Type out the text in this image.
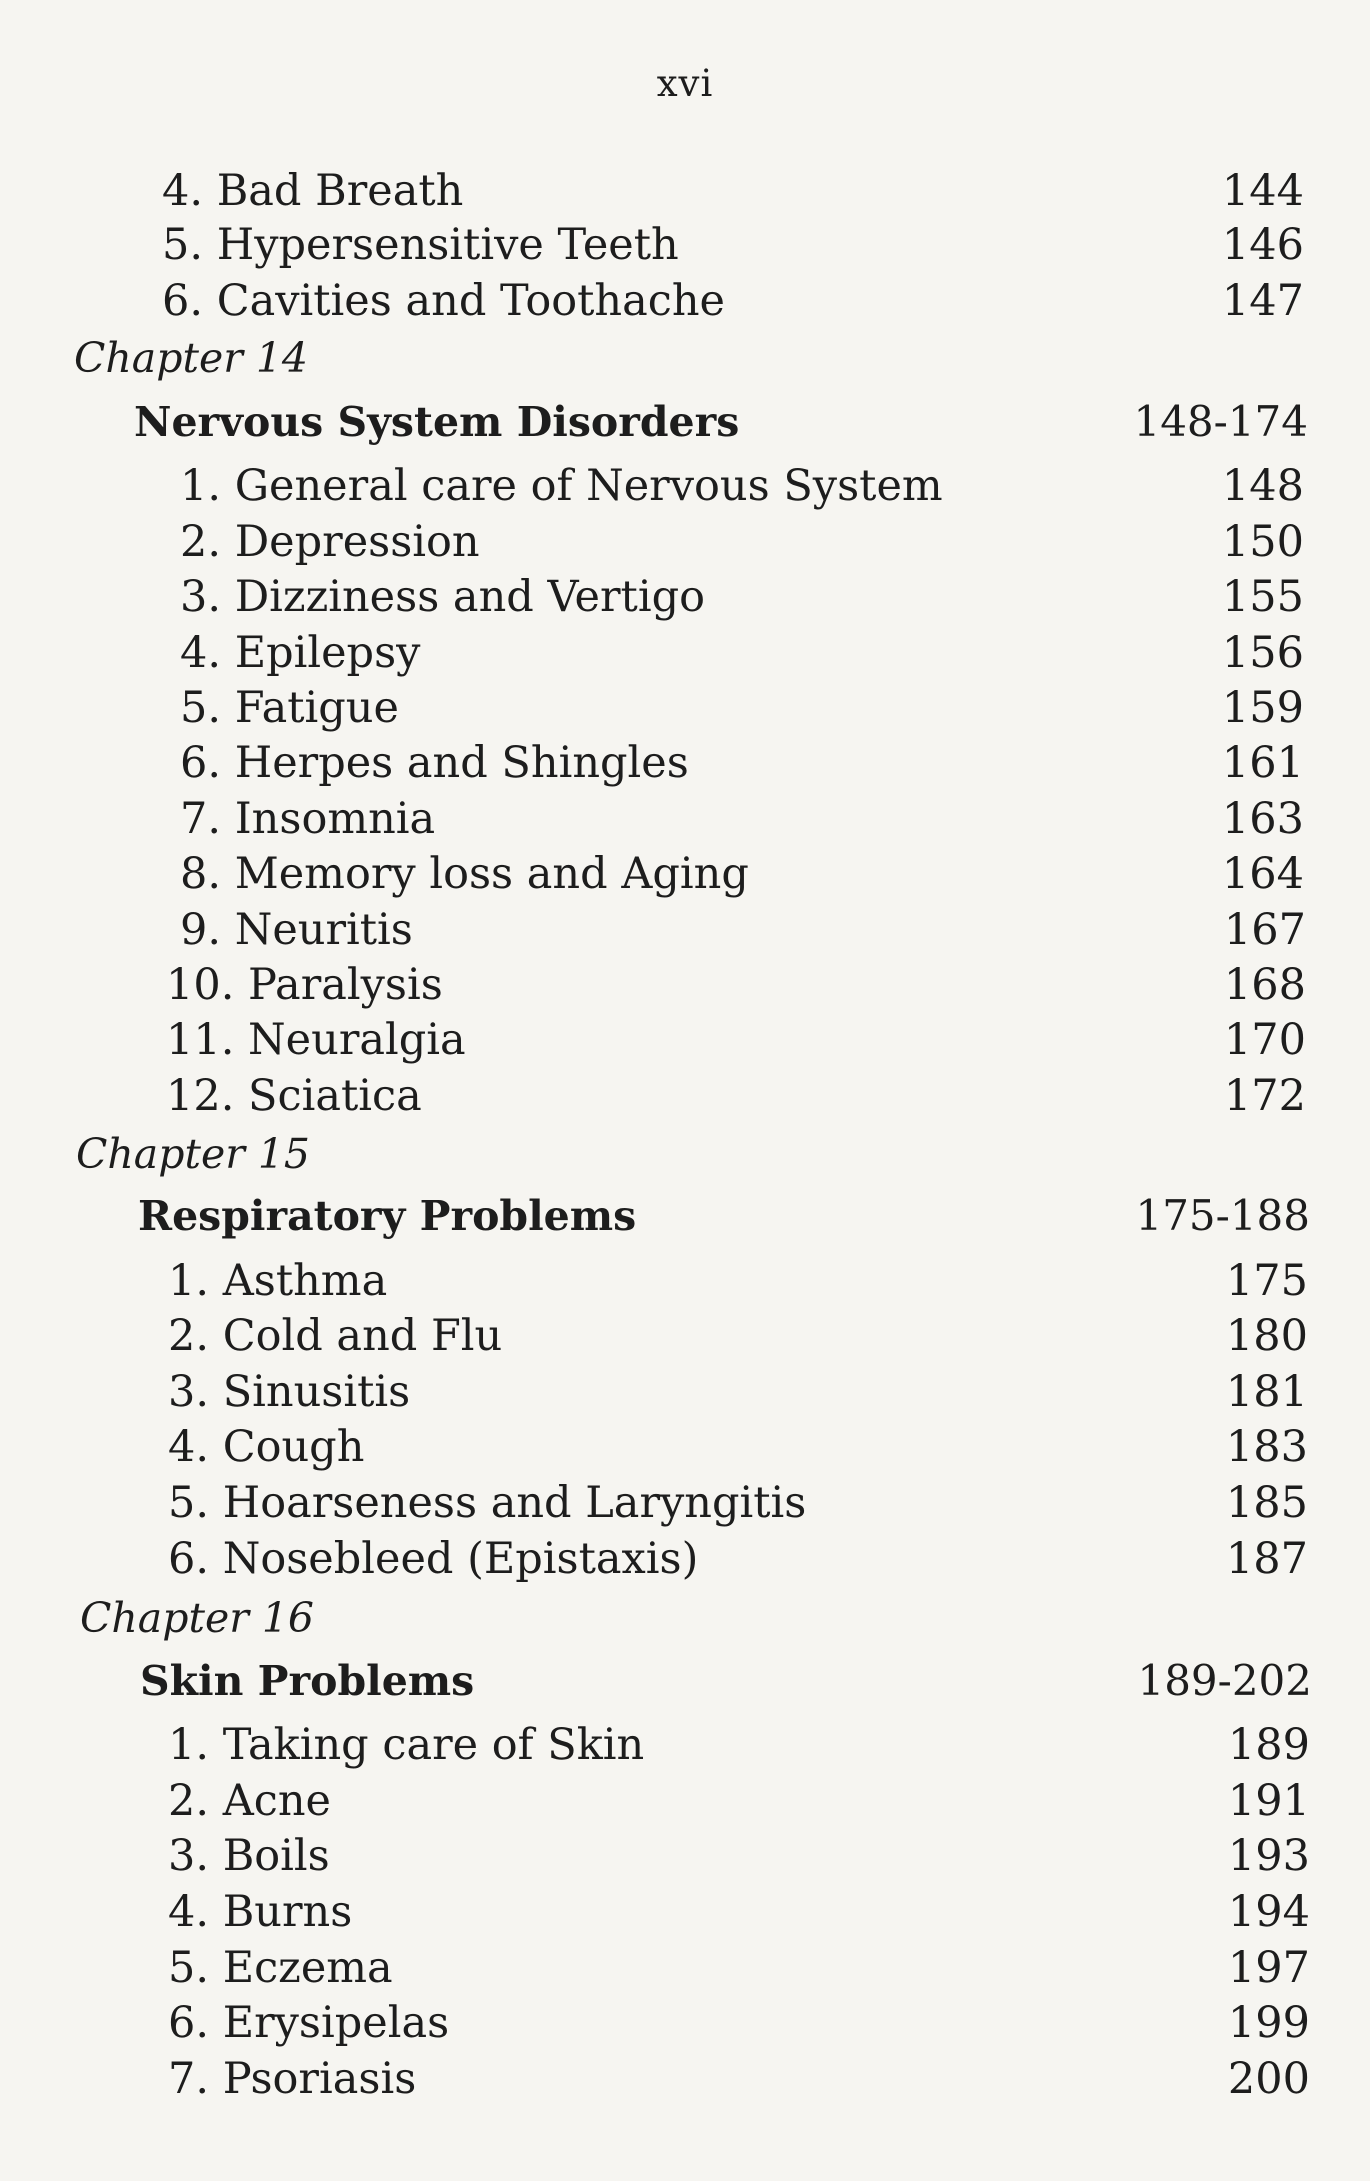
xvi
4. Bad Breath	144
5. Hypersensitive Teeth	146
6. Cavities and Toothache	147
Chapter 14
Nervous System Disorders	148-174
1. General care of Nervous System	148
2. Depression	150
3. Dizziness and Vertigo	155
4. Epilepsy	156
5. Fatigue	159
6. Herpes and Shingles	161
7. Insomnia	163
8. Memory loss and Aging	164
9. Neuritis	167
10. Paralysis	168
11. Neuralgia	170
12. Sciatica	172
Chapter 15
Respiratory Problems	175-188
1. Asthma	175
2. Cold and Flu	180
3. Sinusitis	181
4. Cough	183
5. Hoarseness and Laryngitis	185
6. Nosebleed (Epistaxis)	187
Chapter 16
Skin Problems	189-202
1. Taking care of Skin	189
2. Acne	191
3. Boils	193
4. Burns	194
5. Eczema	197
6. Erysipelas	199
7. Psoriasis	200
